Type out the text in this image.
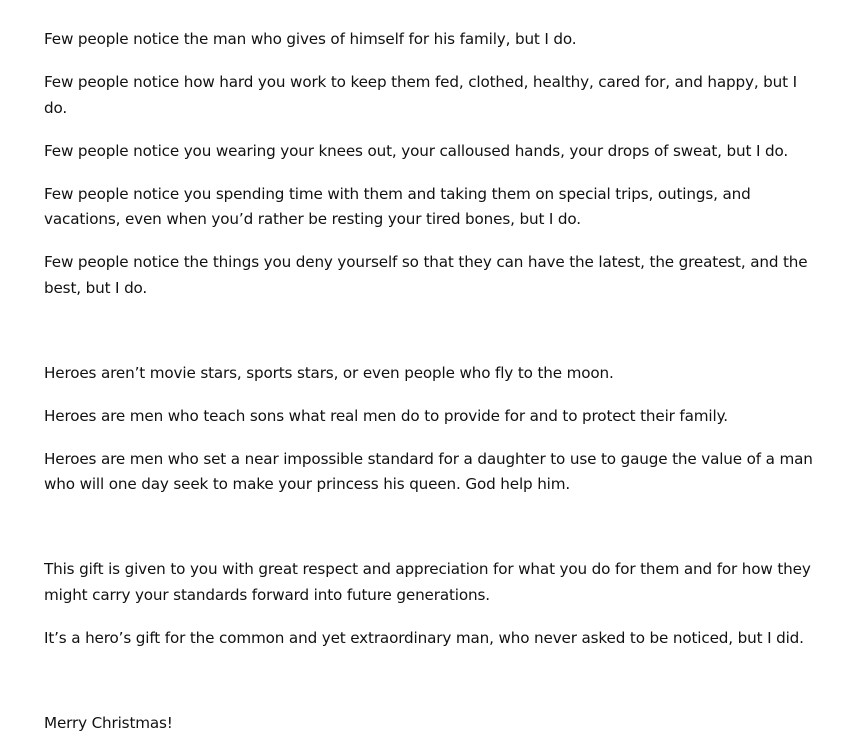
Few people notice the man who gives of himself for his family, but I do.

Few people notice how hard you work to keep them fed, clothed, healthy, cared for, and happy, but I do.

Few people notice you wearing your knees out, your calloused hands, your drops of sweat, but I do.

Few people notice you spending time with them and taking them on special trips, outings, and vacations, even when you’d rather be resting your tired bones, but I do.

Few people notice the things you deny yourself so that they can have the latest, the greatest, and the best, but I do.

Heroes aren’t movie stars, sports stars, or even people who fly to the moon.

Heroes are men who teach sons what real men do to provide for and to protect their family.

Heroes are men who set a near impossible standard for a daughter to use to gauge the value of a man who will one day seek to make your princess his queen. God help him.

This gift is given to you with great respect and appreciation for what you do for them and for how they might carry your standards forward into future generations.

It’s a hero’s gift for the common and yet extraordinary man, who never asked to be noticed, but I did.

Merry Christmas!
